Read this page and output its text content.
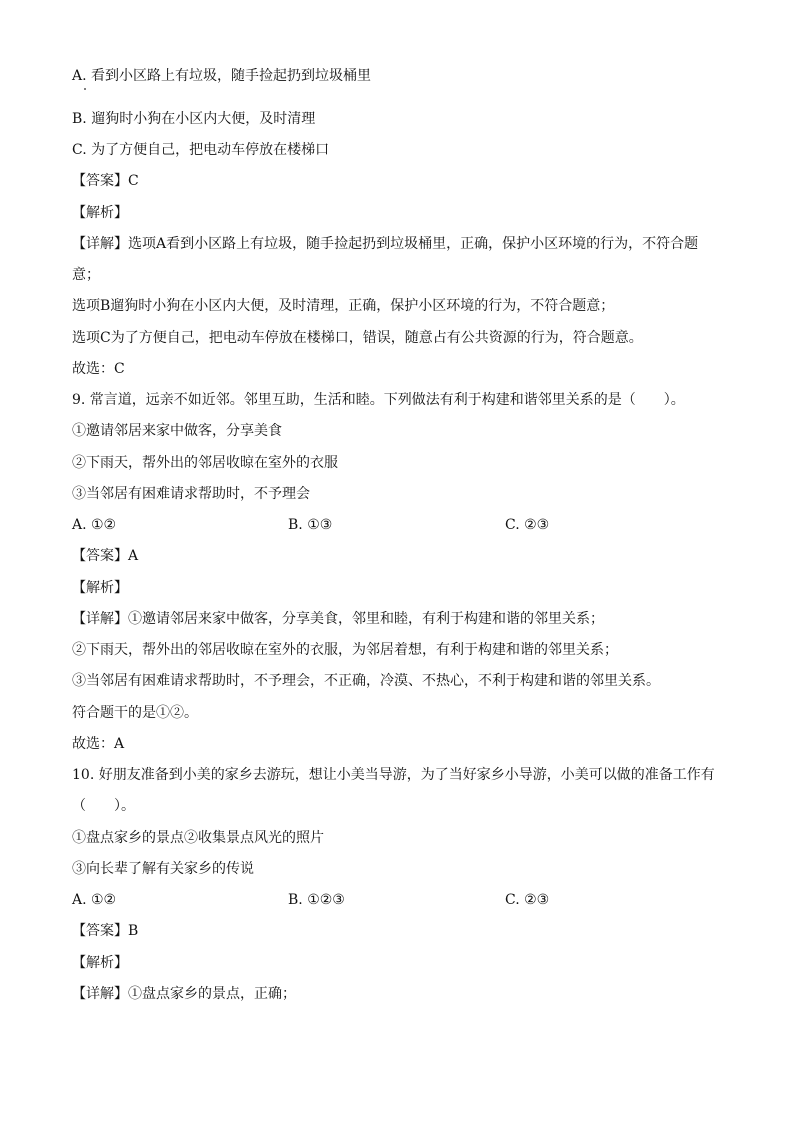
A. 看到小区路上有垃圾，随手捡起扔到垃圾桶里
B. 遛狗时小狗在小区内大便，及时清理
C. 为了方便自己，把电动车停放在楼梯口
【答案】C
【解析】
【详解】选项A看到小区路上有垃圾，随手捡起扔到垃圾桶里，正确，保护小区环境的行为，不符合题
意；
选项B遛狗时小狗在小区内大便，及时清理，正确，保护小区环境的行为，不符合题意；
选项C为了方便自己，把电动车停放在楼梯口，错误，随意占有公共资源的行为，符合题意。
故选：C
9. 常言道，远亲不如近邻。邻里互助，生活和睦。下列做法有利于构建和谐邻里关系的是（　　）。
①邀请邻居来家中做客，分享美食
②下雨天，帮外出的邻居收晾在室外的衣服
③当邻居有困难请求帮助时，不予理会
A. ①②	B. ①③	C. ②③
【答案】A
【解析】
【详解】①邀请邻居来家中做客，分享美食，邻里和睦，有利于构建和谐的邻里关系；
②下雨天，帮外出的邻居收晾在室外的衣服，为邻居着想，有利于构建和谐的邻里关系；
③当邻居有困难请求帮助时，不予理会，不正确，冷漠、不热心，不利于构建和谐的邻里关系。
符合题干的是①②。
故选：A
10. 好朋友准备到小美的家乡去游玩，想让小美当导游，为了当好家乡小导游，小美可以做的准备工作有
（　　）。
①盘点家乡的景点②收集景点风光的照片
③向长辈了解有关家乡的传说
A. ①②	B. ①②③	C. ②③
【答案】B
【解析】
【详解】①盘点家乡的景点，正确；
